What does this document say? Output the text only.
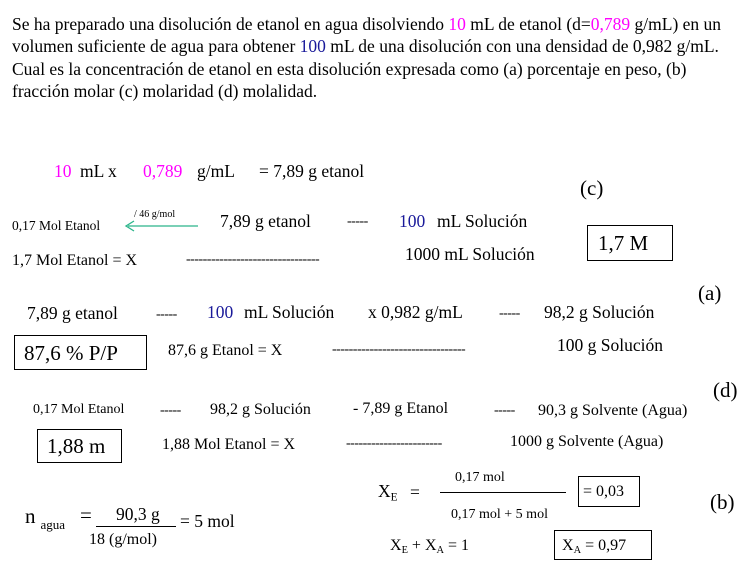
Se ha preparado una disolución de etanol en agua disolviendo 10 mL de etanol (d=0,789 g/mL) en un volumen suficiente de agua para obtener 100 mL de una disolución con una densidad de 0,982 g/mL. Cual es la concentración de etanol en esta disolución expresada como (a) porcentaje en peso, (b) fracción molar (c) molaridad (d) molalidad.
10 mL x 0,789 g/mL = 7,89 g etanol
(c)
/ 46 g/mol
0,17 Mol Etanol	7,89 g etanol	----- 100 mL Solución
1,7 Mol Etanol = X	--------------------------------	1000 mL Solución	1,7 M
(a)
7,89 g etanol	----- 100 mL Solución x 0,982 g/mL	----- 98,2 g Solución
87,6 % P/P	87,6 g Etanol = X	--------------------------------	100 g Solución
(d)
0,17 Mol Etanol	----- 98,2 g Solución	- 7,89 g Etanol	----- 90,3 g Solvente (Agua)
1,88 m	1,88 Mol Etanol = X	-----------------------	1000 g Solvente (Agua)
(b)
n $_{agua}$ = 90,3 g
18 (g/mol)
= 5 mol
$X_E$ =
0,17 mol
0,17 mol + 5 mol
= 0,03
$X_E + X_A = 1$	$X_A = 0,97$
